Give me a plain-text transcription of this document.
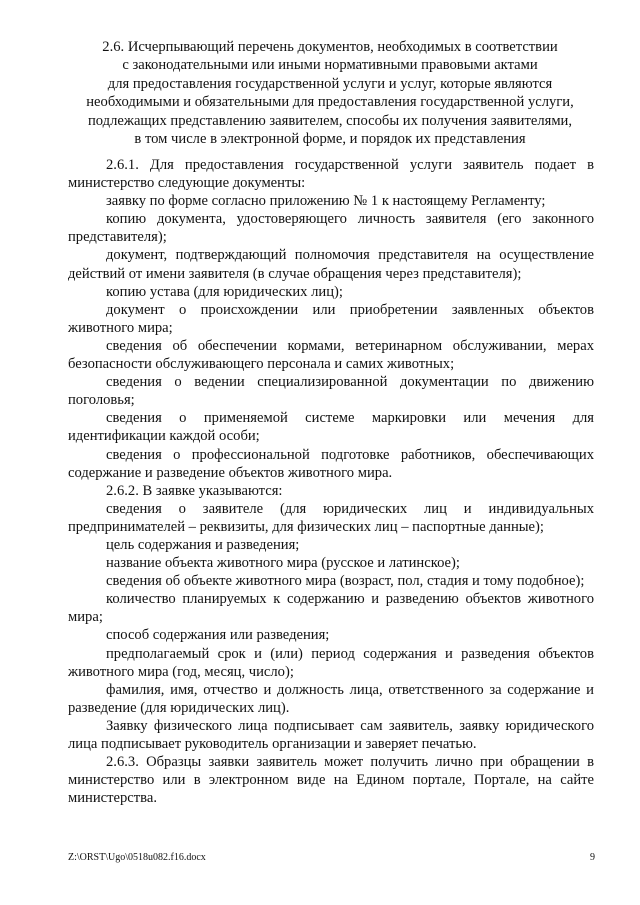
2.6. Исчерпывающий перечень документов, необходимых в соответствии
с законодательными или иными нормативными правовыми актами
для предоставления государственной услуги и услуг, которые являются
необходимыми и обязательными для предоставления государственной услуги,
подлежащих представлению заявителем, способы их получения заявителями,
в том числе в электронной форме, и порядок их представления

2.6.1. Для предоставления государственной услуги заявитель подает в министерство следующие документы:

заявку по форме согласно приложению № 1 к настоящему Регламенту;

копию документа, удостоверяющего личность заявителя (его законного представителя);

документ, подтверждающий полномочия представителя на осуществление действий от имени заявителя (в случае обращения через представителя);

копию устава (для юридических лиц);

документ о происхождении или приобретении заявленных объектов животного мира;

сведения об обеспечении кормами, ветеринарном обслуживании, мерах безопасности обслуживающего персонала и самих животных;

сведения о ведении специализированной документации по движению поголовья;

сведения о применяемой системе маркировки или мечения для идентификации каждой особи;

сведения о профессиональной подготовке работников, обеспечивающих содержание и разведение объектов животного мира.

2.6.2. В заявке указываются:

сведения о заявителе (для юридических лиц и индивидуальных предпринимателей – реквизиты, для физических лиц – паспортные данные);

цель содержания и разведения;

название объекта животного мира (русское и латинское);

сведения об объекте животного мира (возраст, пол, стадия и тому подобное);

количество планируемых к содержанию и разведению объектов животного мира;

способ содержания или разведения;

предполагаемый срок и (или) период содержания и разведения объектов животного мира (год, месяц, число);

фамилия, имя, отчество и должность лица, ответственного за содержание и разведение (для юридических лиц).

Заявку физического лица подписывает сам заявитель, заявку юридического лица подписывает руководитель организации и заверяет печатью.

2.6.3. Образцы заявки заявитель может получить лично при обращении в министерство или в электронном виде на Едином портале, Портале, на сайте министерства.

Z:\ORST\Ugo\0518u082.f16.docx	9
